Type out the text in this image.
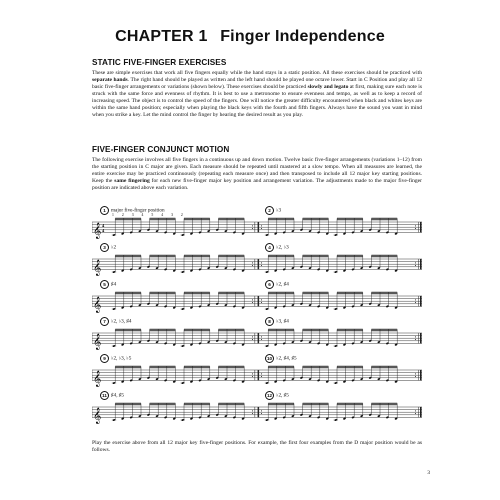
CHAPTER 1 Finger Independence
STATIC FIVE-FINGER EXERCISES
These are simple exercises that work all five fingers equally while the hand stays in a static position. All these exercises should be practiced with separate hands. The right hand should be played as written and the left hand should be played one octave lower. Start in C Position and play all 12 basic five-finger arrangements or variations (shown below). These exercises should be practiced slowly and legato at first, making sure each note is struck with the same force and evenness of rhythm. It is best to use a metronome to ensure evenness and tempo, as well as to keep a record of increasing speed. The object is to control the speed of the fingers. One will notice the greater difficulty encountered when black and whites keys are within the same hand position; especially when playing the black keys with the fourth and fifth fingers. Always have the sound you want in mind when you strike a key. Let the mind control the finger by hearing the desired result as you play.
FIVE-FINGER CONJUNCT MOTION
The following exercise involves all five fingers in a continuous up and down motion. Twelve basic five-finger arrangements (variations 1–12) from the starting position in C major are given. Each measure should be repeated until mastered at a slow tempo. When all measures are learned, the entire exercise may be practiced continuously (repeating each measure once) and then transposed to include all 12 major key starting positions. Keep the same fingering for each new five-finger major key position and arrangement variation. The adjustments made to the major five-finger position are indicated above each variation.
𝄞 4
4
𝄞
𝄞
𝄞
𝄞
𝄞
1 major five-finger position	2 ♭3
3 ♭2	4 ♭2, ♭3
5 ♯4	6 ♭2, ♯4
7 ♭2, ♭3, ♯4	8 ♭3, ♯4
9 ♭2, ♭3, ♭5	10 ♭2, ♯4, ♯5
11 ♯4, ♯5	12 ♭2, ♯5
1 2 3 4 5 4 3 2
Play the exercise above from all 12 major key five-finger positions. For example, the first four examples from the D major position would be as follows.
3
